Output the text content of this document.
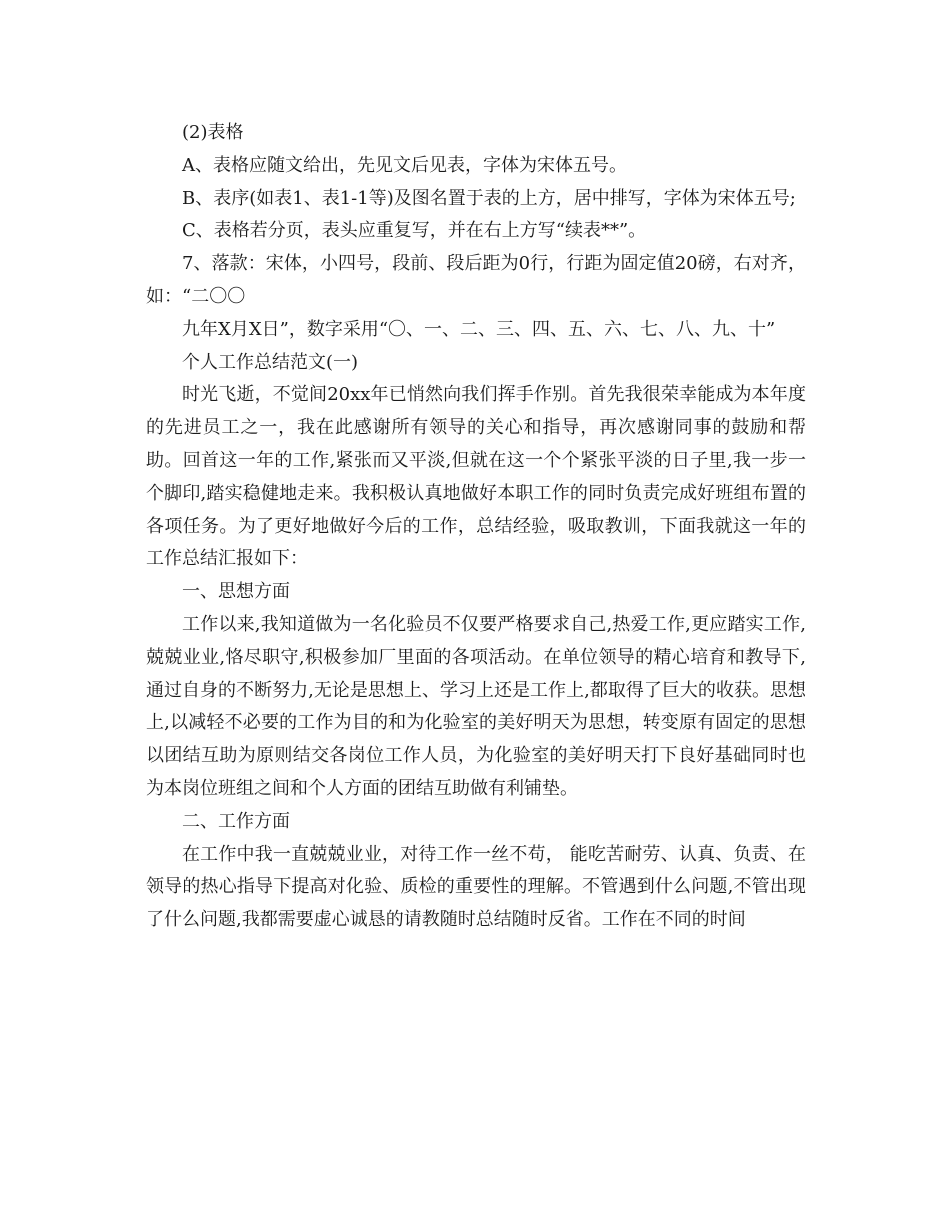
(2)表格

A、表格应随文给出，先见文后见表，字体为宋体五号。

B、表序(如表1、表1-1等)及图名置于表的上方，居中排写，字体为宋体五号;

C、表格若分页，表头应重复写，并在右上方写“续表**”。

7、落款：宋体，小四号，段前、段后距为0行，行距为固定值20磅，右对齐，如：“二〇〇

九年X月X日”，数字采用“〇、一、二、三、四、五、六、七、八、九、十”

个人工作总结范文(一)

时光飞逝，不觉间20xx年已悄然向我们挥手作别。首先我很荣幸能成为本年度的先进员工之一，我在此感谢所有领导的关心和指导，再次感谢同事的鼓励和帮助。回首这一年的工作,紧张而又平淡,但就在这一个个紧张平淡的日子里,我一步一个脚印,踏实稳健地走来。我积极认真地做好本职工作的同时负责完成好班组布置的各项任务。为了更好地做好今后的工作，总结经验，吸取教训，下面我就这一年的工作总结汇报如下：

一、思想方面

工作以来,我知道做为一名化验员不仅要严格要求自己,热爱工作,更应踏实工作,兢兢业业,恪尽职守,积极参加厂里面的各项活动。在单位领导的精心培育和教导下,通过自身的不断努力,无论是思想上、学习上还是工作上,都取得了巨大的收获。思想上,以减轻不必要的工作为目的和为化验室的美好明天为思想，转变原有固定的思想以团结互助为原则结交各岗位工作人员，为化验室的美好明天打下良好基础同时也为本岗位班组之间和个人方面的团结互助做有利铺垫。

二、工作方面

在工作中我一直兢兢业业，对待工作一丝不苟， 能吃苦耐劳、认真、负责、在领导的热心指导下提高对化验、质检的重要性的理解。不管遇到什么问题,不管出现了什么问题,我都需要虚心诚恳的请教随时总结随时反省。工作在不同的时间
